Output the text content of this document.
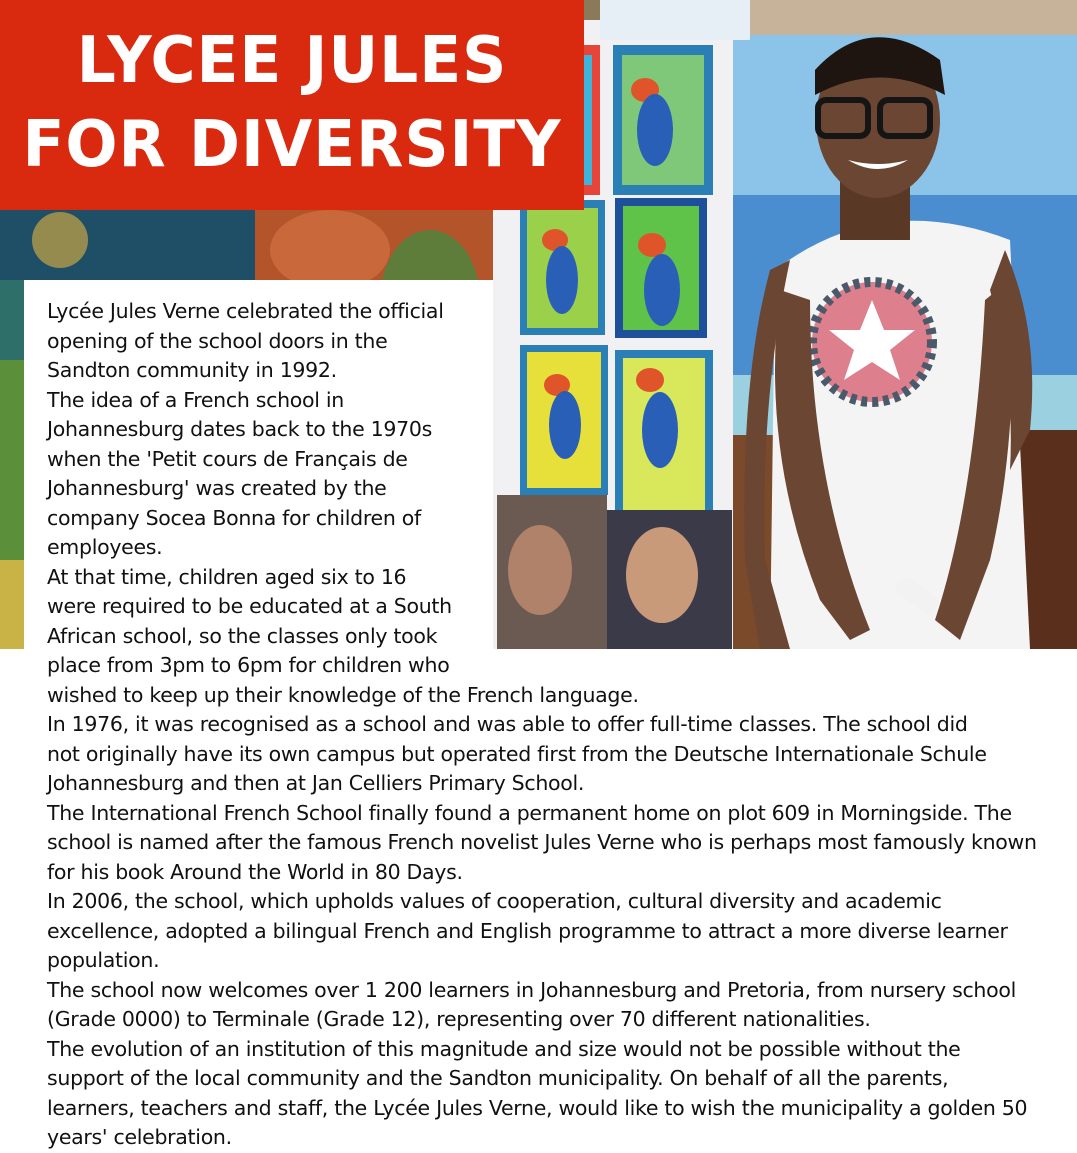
LYCEE JULES
FOR DIVERSITY
Lycée Jules Verne celebrated the official
opening of the school doors in the
Sandton community in 1992.
The idea of a French school in
Johannesburg dates back to the 1970s
when the 'Petit cours de Français de
Johannesburg' was created by the
company Socea Bonna for children of
employees.
At that time, children aged six to 16
were required to be educated at a South
African school, so the classes only took
place from 3pm to 6pm for children who
wished to keep up their knowledge of the French language.
In 1976, it was recognised as a school and was able to offer full-time classes. The school did
not originally have its own campus but operated first from the Deutsche Internationale Schule
Johannesburg and then at Jan Celliers Primary School.
The International French School finally found a permanent home on plot 609 in Morningside. The
school is named after the famous French novelist Jules Verne who is perhaps most famously known
for his book Around the World in 80 Days.
In 2006, the school, which upholds values of cooperation, cultural diversity and academic
excellence, adopted a bilingual French and English programme to attract a more diverse learner
population.
The school now welcomes over 1 200 learners in Johannesburg and Pretoria, from nursery school
(Grade 0000) to Terminale (Grade 12), representing over 70 different nationalities.
The evolution of an institution of this magnitude and size would not be possible without the
support of the local community and the Sandton municipality. On behalf of all the parents,
learners, teachers and staff, the Lycée Jules Verne, would like to wish the municipality a golden 50
years' celebration.
